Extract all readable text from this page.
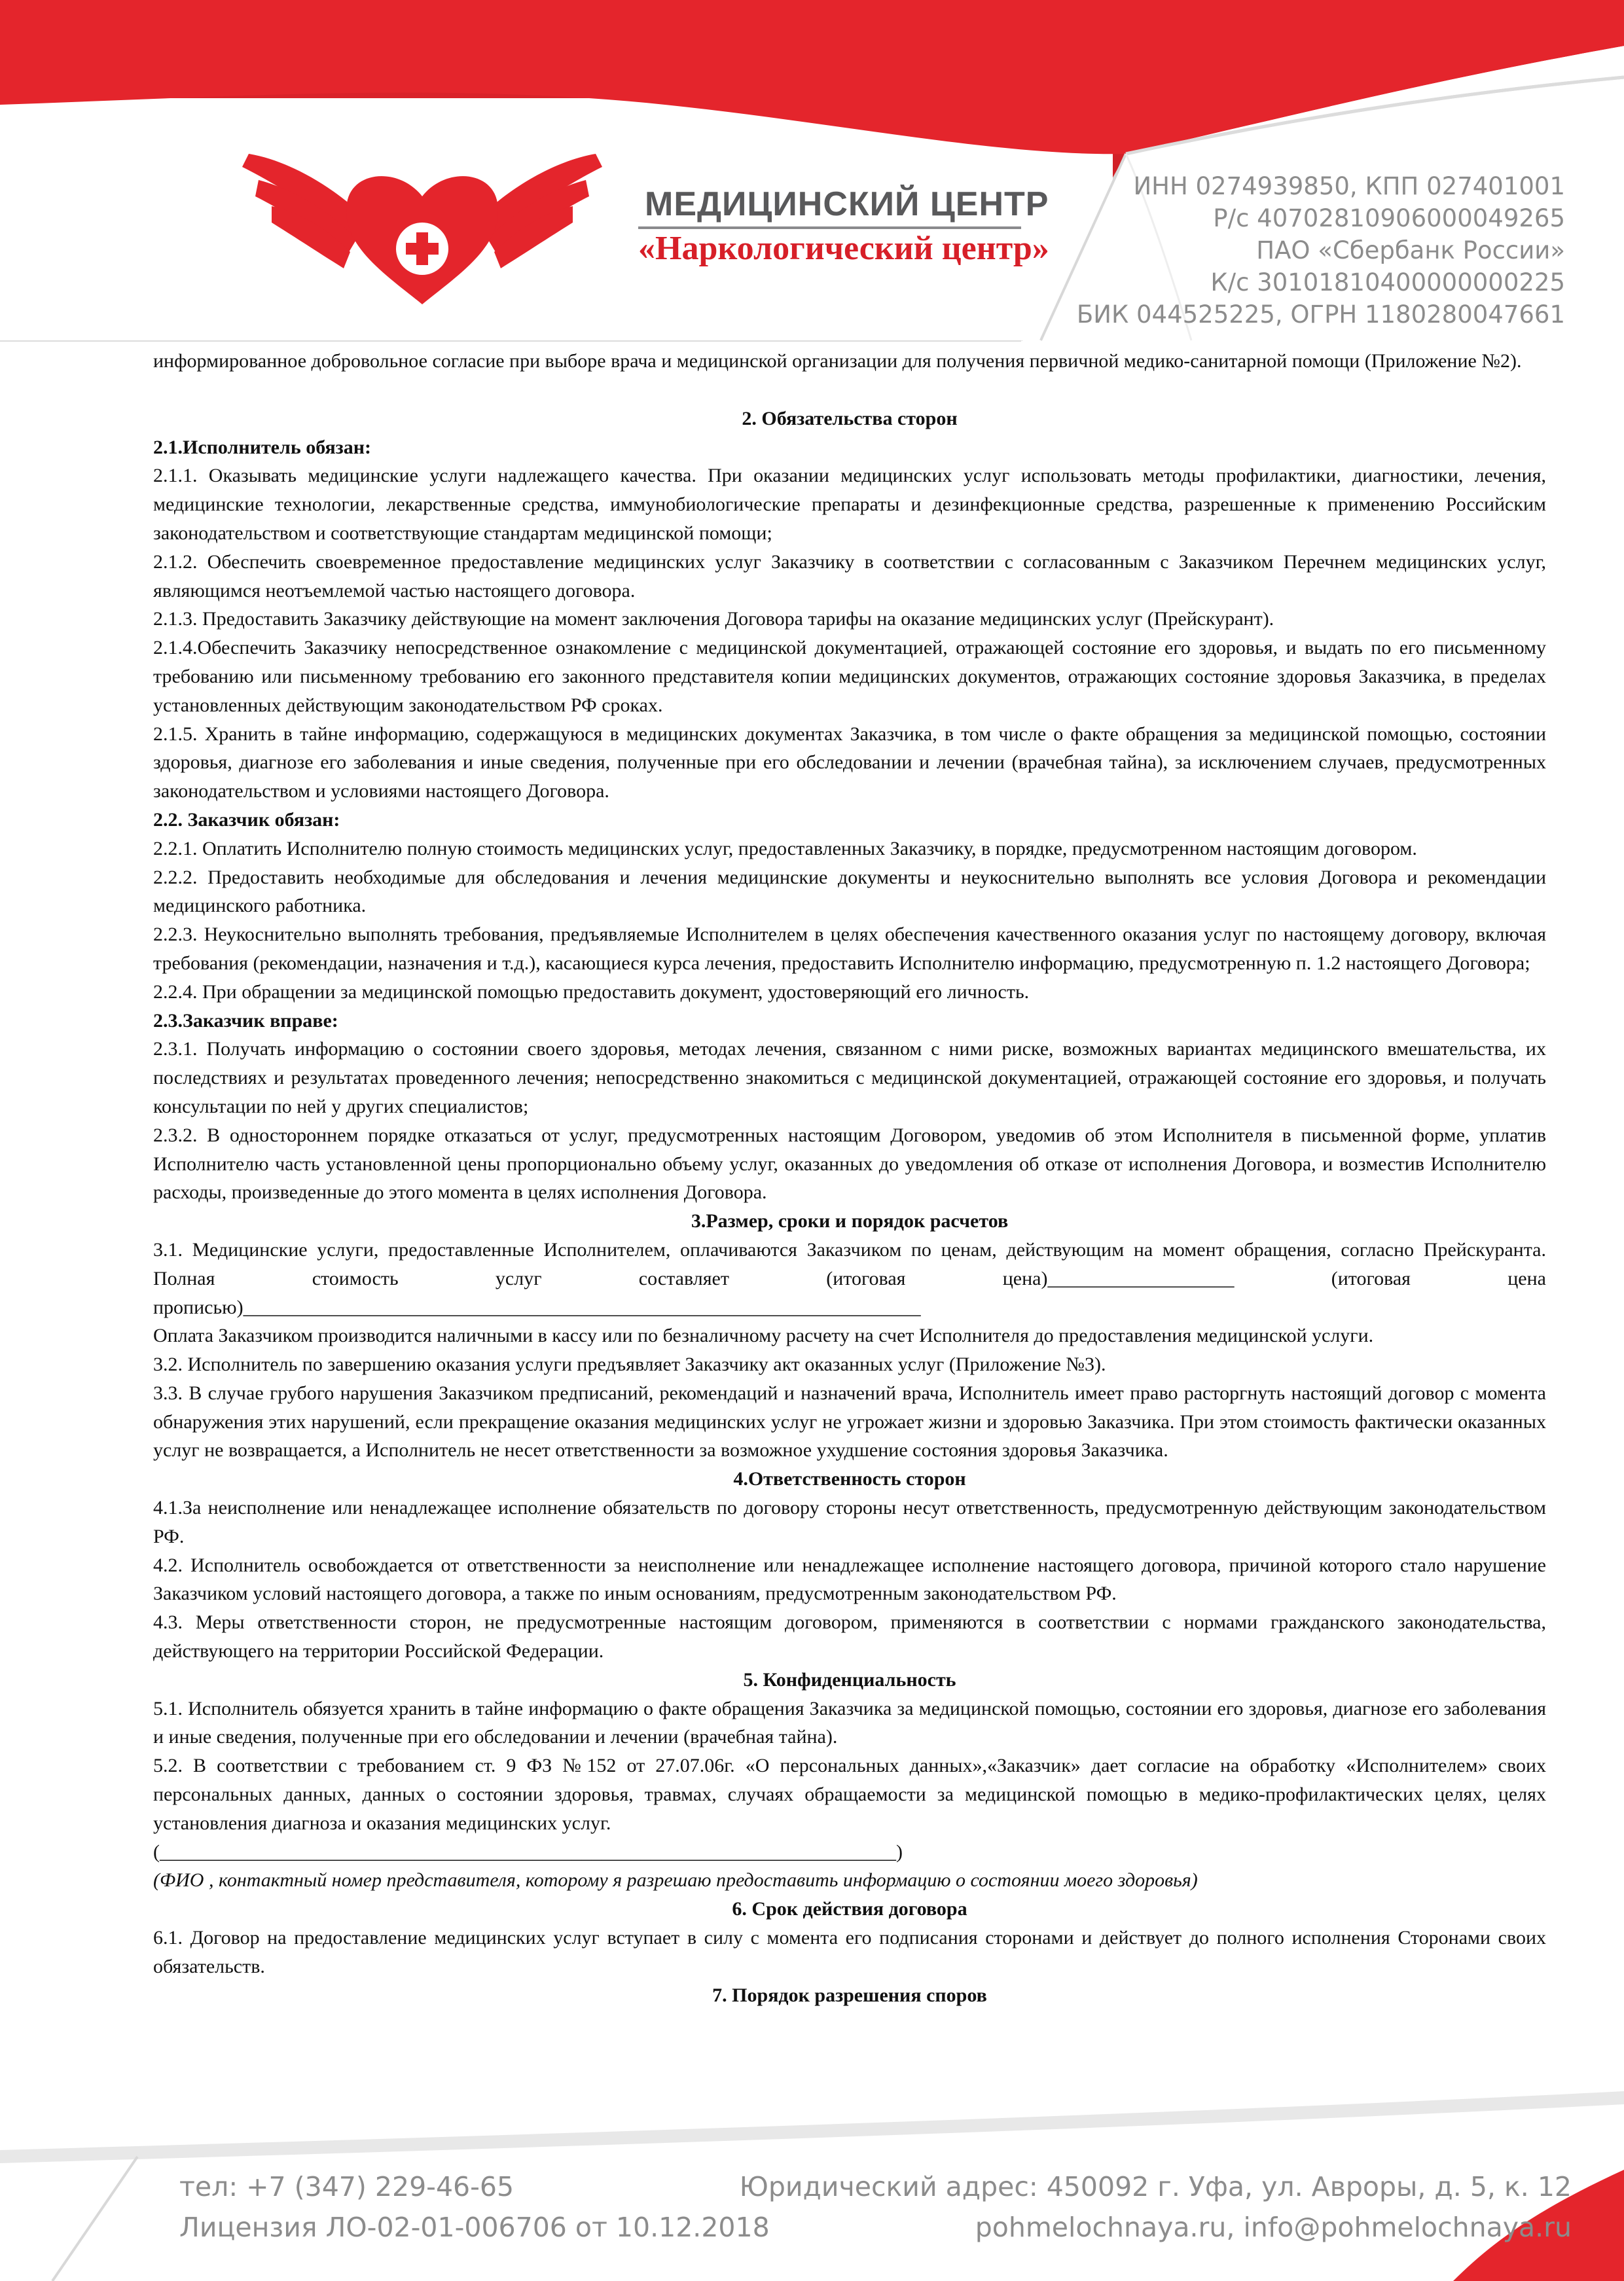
МЕДИЦИНСКИЙ ЦЕНТР
«Наркологический центр»
ИНН 0274939850, КПП 027401001
Р/с 40702810906000049265
ПАО «Сбербанк России»
К/с 30101810400000000225
БИК 044525225, ОГРН 1180280047661

информированное добровольное согласие при выборе врача и медицинской организации для получения первичной медико-санитарной помощи (Приложение №2).

2. Обязательства сторон

2.1.Исполнитель обязан:

2.1.1. Оказывать медицинские услуги надлежащего качества. При оказании медицинских услуг использовать методы профилактики, диагностики, лечения, медицинские технологии, лекарственные средства, иммунобиологические препараты и дезинфекционные средства, разрешенные к применению Российским законодательством и соответствующие стандартам медицинской помощи;

2.1.2. Обеспечить своевременное предоставление медицинских услуг Заказчику в соответствии с согласованным с Заказчиком Перечнем медицинских услуг, являющимся неотъемлемой частью настоящего договора.

2.1.3. Предоставить Заказчику действующие на момент заключения Договора тарифы на оказание медицинских услуг (Прейскурант).

2.1.4.Обеспечить Заказчику непосредственное ознакомление с медицинской документацией, отражающей состояние его здоровья, и выдать по его письменному требованию или письменному требованию его законного представителя копии медицинских документов, отражающих состояние здоровья Заказчика, в пределах установленных действующим законодательством РФ сроках.

2.1.5. Хранить в тайне информацию, содержащуюся в медицинских документах Заказчика, в том числе о факте обращения за медицинской помощью, состоянии здоровья, диагнозе его заболевания и иные сведения, полученные при его обследовании и лечении (врачебная тайна), за исключением случаев, предусмотренных законодательством и условиями настоящего Договора.

2.2. Заказчик обязан:

2.2.1. Оплатить Исполнителю полную стоимость медицинских услуг, предоставленных Заказчику, в порядке, предусмотренном настоящим договором.

2.2.2. Предоставить необходимые для обследования и лечения медицинские документы и неукоснительно выполнять все условия Договора и рекомендации медицинского работника.

2.2.3. Неукоснительно выполнять требования, предъявляемые Исполнителем в целях обеспечения качественного оказания услуг по настоящему договору, включая требования (рекомендации, назначения и т.д.), касающиеся курса лечения, предоставить Исполнителю информацию, предусмотренную п. 1.2 настоящего Договора;

2.2.4. При обращении за медицинской помощью предоставить документ, удостоверяющий его личность.

2.3.Заказчик вправе:

2.3.1. Получать информацию о состоянии своего здоровья, методах лечения, связанном с ними риске, возможных вариантах медицинского вмешательства, их последствиях и результатах проведенного лечения; непосредственно знакомиться с медицинской документацией, отражающей состояние его здоровья, и получать консультации по ней у других специалистов;

2.3.2. В одностороннем порядке отказаться от услуг, предусмотренных настоящим Договором, уведомив об этом Исполнителя в письменной форме, уплатив Исполнителю часть установленной цены пропорционально объему услуг, оказанных до уведомления об отказе от исполнения Договора, и возместив Исполнителю расходы, произведенные до этого момента в целях исполнения Договора.

3.Размер, сроки и порядок расчетов

3.1. Медицинские услуги, предоставленные Исполнителем, оплачиваются Заказчиком по ценам, действующим на момент обращения, согласно Прейскуранта. Полная стоимость услуг составляет (итоговая цена)___________________ (итоговая цена прописью)_____________________________________________________________________

Оплата Заказчиком производится наличными в кассу или по безналичному расчету на счет Исполнителя до предоставления медицинской услуги.

3.2. Исполнитель по завершению оказания услуги предъявляет Заказчику акт оказанных услуг (Приложение №3).

3.3. В случае грубого нарушения Заказчиком предписаний, рекомендаций и назначений врача, Исполнитель имеет право расторгнуть настоящий договор с момента обнаружения этих нарушений, если прекращение оказания медицинских услуг не угрожает жизни и здоровью Заказчика. При этом стоимость фактически оказанных услуг не возвращается, а Исполнитель не несет ответственности за возможное ухудшение состояния здоровья Заказчика.

4.Ответственность сторон

4.1.За неисполнение или ненадлежащее исполнение обязательств по договору стороны несут ответственность, предусмотренную действующим законодательством РФ.

4.2. Исполнитель освобождается от ответственности за неисполнение или ненадлежащее исполнение настоящего договора, причиной которого стало нарушение Заказчиком условий настоящего договора, а также по иным основаниям, предусмотренным законодательством РФ.

4.3. Меры ответственности сторон, не предусмотренные настоящим договором, применяются в соответствии с нормами гражданского законодательства, действующего на территории Российской Федерации.

5. Конфиденциальность

5.1. Исполнитель обязуется хранить в тайне информацию о факте обращения Заказчика за медицинской помощью, состоянии его здоровья, диагнозе его заболевания и иные сведения, полученные при его обследовании и лечении (врачебная тайна).

5.2. В соответствии с требованием ст. 9 ФЗ №152 от 27.07.06г. «О персональных данных»,«Заказчик» дает согласие на обработку «Исполнителем» своих персональных данных, данных о состоянии здоровья, травмах, случаях обращаемости за медицинской помощью в медико-профилактических целях, целях установления диагноза и оказания медицинских услуг.

(___________________________________________________________________________)

(ФИО , контактный номер представителя, которому я разрешаю предоставить информацию о состоянии моего здоровья)

6. Срок действия договора

6.1. Договор на предоставление медицинских услуг вступает в силу с момента его подписания сторонами и действует до полного исполнения Сторонами своих обязательств.

7. Порядок разрешения споров

тел: +7 (347) 229-46-65
Лицензия ЛО-02-01-006706 от 10.12.2018
Юридический адрес: 450092 г. Уфа, ул. Авроры, д. 5, к. 12
pohmelochnaya.ru, info@pohmelochnaya.ru
